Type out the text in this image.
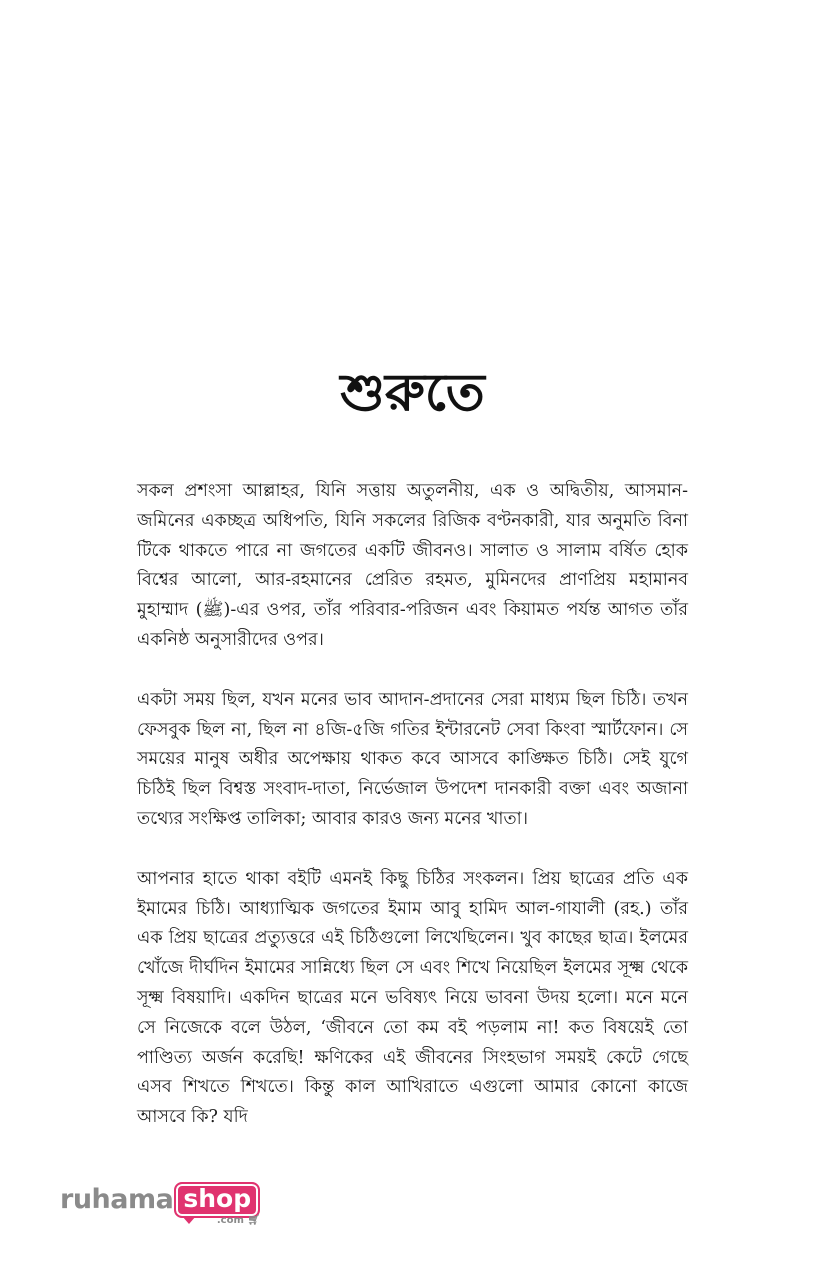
শুরুতে

সকল প্রশংসা আল্লাহর, যিনি সত্তায় অতুলনীয়, এক ও অদ্বিতীয়, আসমান-জমিনের একচ্ছত্র অধিপতি, যিনি সকলের রিজিক বণ্টনকারী, যার অনুমতি বিনা টিকে থাকতে পারে না জগতের একটি জীবনও। সালাত ও সালাম বর্ষিত হোক বিশ্বের আলো, আর-রহমানের প্রেরিত রহমত, মুমিনদের প্রাণপ্রিয় মহামানব মুহাম্মাদ (ﷺ)-এর ওপর, তাঁর পরিবার-পরিজন এবং কিয়ামত পর্যন্ত আগত তাঁর একনিষ্ঠ অনুসারীদের ওপর।

একটা সময় ছিল, যখন মনের ভাব আদান-প্রদানের সেরা মাধ্যম ছিল চিঠি। তখন ফেসবুক ছিল না, ছিল না ৪জি-৫জি গতির ইন্টারনেট সেবা কিংবা স্মার্টফোন। সে সময়ের মানুষ অধীর অপেক্ষায় থাকত কবে আসবে কাঙ্ক্ষিত চিঠি। সেই যুগে চিঠিই ছিল বিশ্বস্ত সংবাদ-দাতা, নির্ভেজাল উপদেশ দানকারী বক্তা এবং অজানা তথ্যের সংক্ষিপ্ত তালিকা; আবার কারও জন্য মনের খাতা।

আপনার হাতে থাকা বইটি এমনই কিছু চিঠির সংকলন। প্রিয় ছাত্রের প্রতি এক ইমামের চিঠি। আধ্যাত্মিক জগতের ইমাম আবু হামিদ আল-গাযালী (রহ.) তাঁর এক প্রিয় ছাত্রের প্রত্যুত্তরে এই চিঠিগুলো লিখেছিলেন। খুব কাছের ছাত্র। ইলমের খোঁজে দীর্ঘদিন ইমামের সান্নিধ্যে ছিল সে এবং শিখে নিয়েছিল ইলমের সূক্ষ্ম থেকে সূক্ষ্ম বিষয়াদি। একদিন ছাত্রের মনে ভবিষ্যৎ নিয়ে ভাবনা উদয় হলো। মনে মনে সে নিজেকে বলে উঠল, ‘জীবনে তো কম বই পড়লাম না! কত বিষয়েই তো পাণ্ডিত্য অর্জন করেছি! ক্ষণিকের এই জীবনের সিংহভাগ সময়ই কেটে গেছে এসব শিখতে শিখতে। কিন্তু কাল আখিরাতে এগুলো আমার কোনো কাজে আসবে কি? যদি

ruhama shop
.com 🛒︎
